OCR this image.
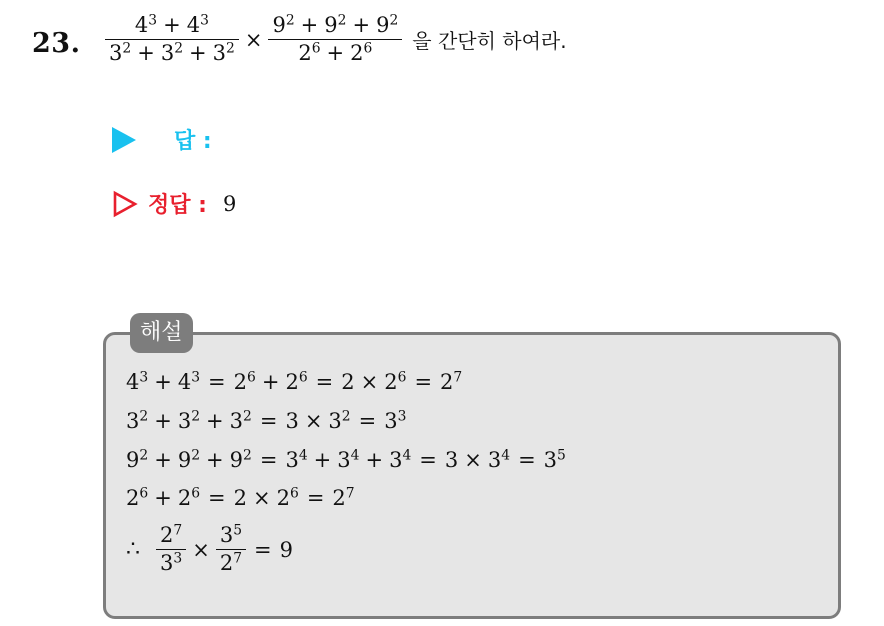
23. $\frac{4^3 + 4^3}{3^2 + 3^2 + 3^2} \times \frac{9^2 + 9^2 + 9^2}{2^6 + 2^6}$ 을 간단히 하여라.
답 :
정답 : 9
해설
$4^3 + 4^3 = 2^6 + 2^6 = 2 \times 2^6 = 2^7$
$3^2 + 3^2 + 3^2 = 3 \times 3^2 = 3^3$
$9^2 + 9^2 + 9^2 = 3^4 + 3^4 + 3^4 = 3 \times 3^4 = 3^5$
$2^6 + 2^6 = 2 \times 2^6 = 2^7$
∴ $\frac{2^7}{3^3} \times \frac{3^5}{2^7} = 9$
